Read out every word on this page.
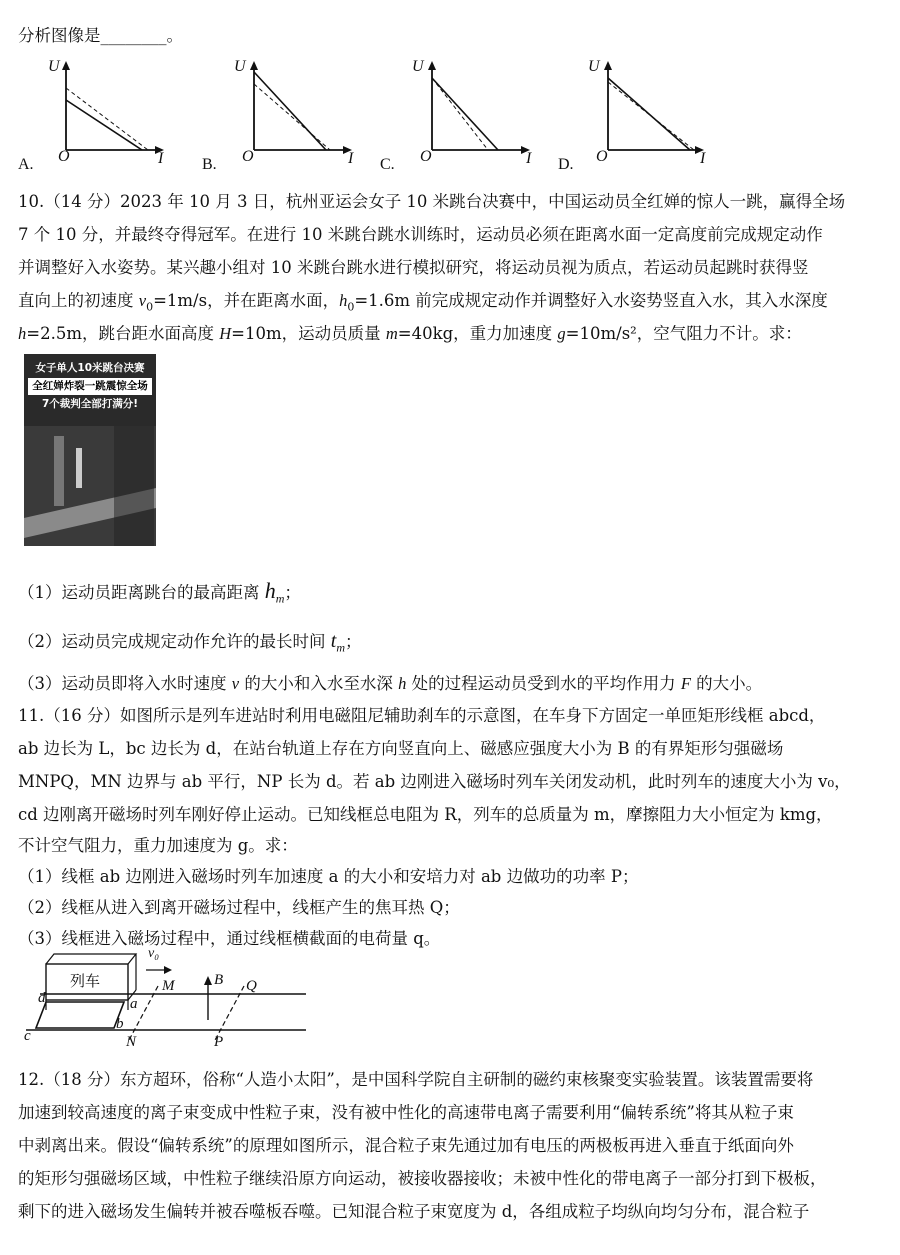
分析图像是________。
A.
U
O	I B.
U
O	I C.
U
O	I D.
U
O	I
10.（14 分）2023 年 10 月 3 日，杭州亚运会女子 10 米跳台决赛中，中国运动员全红婵的惊人一跳，赢得全场
7 个 10 分，并最终夺得冠军。在进行 10 米跳台跳水训练时，运动员必须在距离水面一定高度前完成规定动作
并调整好入水姿势。某兴趣小组对 10 米跳台跳水进行模拟研究，将运动员视为质点，若运动员起跳时获得竖
直向上的初速度 $v_0=1m/s$，并在距离水面，$h_0=1.6m$ 前完成规定动作并调整好入水姿势竖直入水，其入水深度
h=2.5m，跳台距水面高度 H=10m，运动员质量 m=40kg，重力加速度 g=10m/s²，空气阻力不计。求：
女子单人10米跳台决赛
全红婵炸裂一跳震惊全场
7个裁判全部打满分!
（1）运动员距离跳台的最高距离 $h_m$；
（2）运动员完成规定动作允许的最长时间 $t_m$；
（3）运动员即将入水时速度 v 的大小和入水至水深 h 处的过程运动员受到水的平均作用力 F 的大小。
11.（16 分）如图所示是列车进站时利用电磁阻尼辅助刹车的示意图，在车身下方固定一单匝矩形线框 abcd，
ab 边长为 L，bc 边长为 d，在站台轨道上存在方向竖直向上、磁感应强度大小为 B 的有界矩形匀强磁场
MNPQ，MN 边界与 ab 平行，NP 长为 d。若 ab 边刚进入磁场时列车关闭发动机，此时列车的速度大小为 v₀，
cd 边刚离开磁场时列车刚好停止运动。已知线框总电阻为 R，列车的总质量为 m，摩擦阻力大小恒定为 kmg，
不计空气阻力，重力加速度为 g。求：
（1）线框 ab 边刚进入磁场时列车加速度 a 的大小和安培力对 ab 边做功的功率 P；
（2）线框从进入到离开磁场过程中，线框产生的焦耳热 Q；
（3）线框进入磁场过程中，通过线框横截面的电荷量 q。
列车
v₀
M	B Q
N	P
a
b
c
d
12.（18 分）东方超环，俗称“人造小太阳”，是中国科学院自主研制的磁约束核聚变实验装置。该装置需要将
加速到较高速度的离子束变成中性粒子束，没有被中性化的高速带电离子需要利用“偏转系统”将其从粒子束
中剥离出来。假设“偏转系统”的原理如图所示，混合粒子束先通过加有电压的两极板再进入垂直于纸面向外
的矩形匀强磁场区域，中性粒子继续沿原方向运动，被接收器接收；未被中性化的带电离子一部分打到下极板，
剩下的进入磁场发生偏转并被吞噬板吞噬。已知混合粒子束宽度为 d，各组成粒子均纵向均匀分布，混合粒子
